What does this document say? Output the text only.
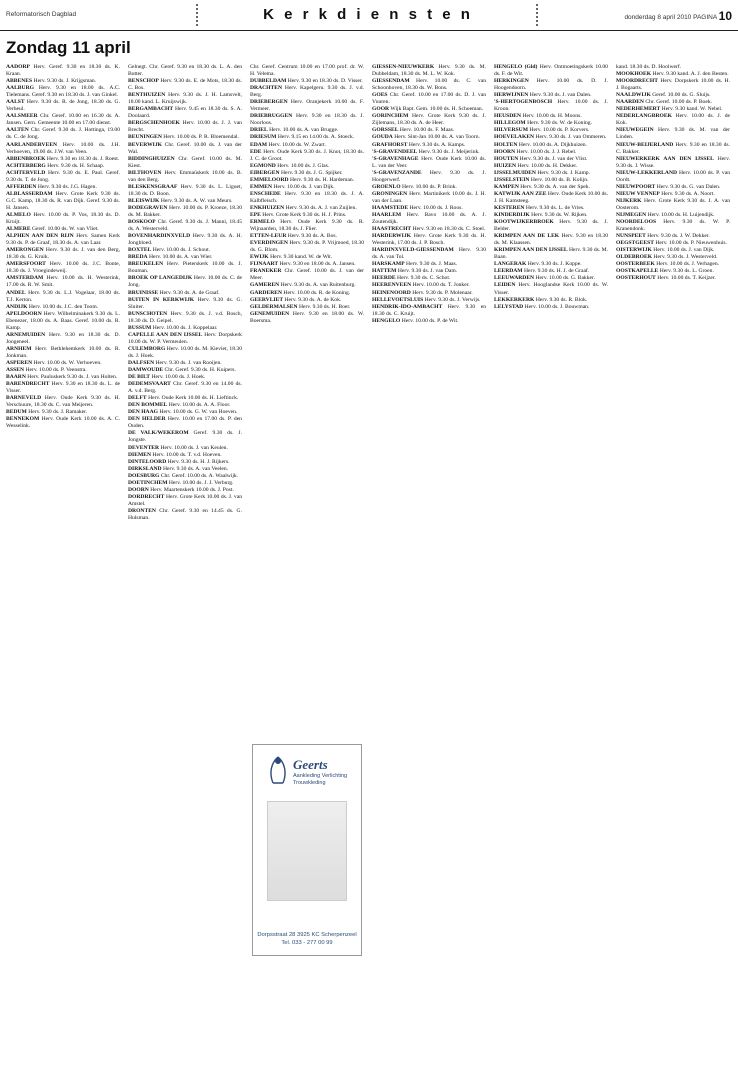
Reformatorisch Dagblad	K e r k d i e n s t e n	donderdag 8 april 2010 PAGINA 10
Zondag 11 april

AADORP Herv. Geref. 9.30 en 18.30 ds. K. Kraan.

ABBENES Herv. 9.30 ds. J. Krijgsman.

AALBURG Herv. 9.30 en 18.00 ds. A.C. Tielemans. Geref. 9.30 en 18.30 ds. J. van Ginkel.

AALST Herv. 9.30 ds. R. de Jong, 18.30 ds. G. Verheul.

AALSMEER Chr. Geref. 10.00 en 16.30 ds. A. Jansen. Gern. Gemeente 10.00 en 17.00 dienst.

AALTEN Chr. Geref. 9.30 ds. J. Hottinga, 19.00 ds. C. de Jong.

AARLANDERVEEN Herv. 10.00 ds. J.H. Verhoeven, 19.00 ds. J.W. van Veen.

ABBENBROEK Herv. 9.30 en 18.30 ds. J. Roest.

ACHTERBERG Herv. 9.30 ds. H. Schaap.

ACHTERVELD Herv. 9.30 ds. E. Paul. Geref. 9.30 ds. T. de Jong.

AFFERDEN Herv. 9.30 ds. J.G. Hagen.

ALBLASSERDAM Herv. Grote Kerk 9.30 ds. G.C. Kamp, 18.30 ds. R. van Dijk. Geref. 9.30 ds. H. Jansen.

ALMELO Herv. 10.00 ds. P. Vos, 18.30 ds. D. Kruijt.

ALMERE Geref. 10.00 ds. W. van Vliet.

ALPHEN AAN DEN RIJN Herv. Samen Kerk 9.30 ds. P. de Graaf, 18.30 ds. A. van Laar.

AMERONGEN Herv. 9.30 ds. J. van den Berg, 18.30 ds. G. Kruik.

AMERSFOORT Herv. 10.00 ds. J.C. Bonte, 18.30 ds. J. Vroegindeweij.

AMSTERDAM Herv. 10.00 ds. H. Westerink, 17.00 ds. R. W. Smit.

ANDEL Herv. 9.30 ds. L.J. Vogelaar, 18.00 ds. T.J. Kerton.

ANDIJK Herv. 10.00 ds. J.C. den Toom.

APELDOORN Herv. Wilhelminakerk 9.30 ds. L. Ebenezer, 18.00 ds. A. Baas. Geref. 10.00 ds. R. Kamp.

ARNEMUIDEN Herv. 9.30 en 18.30 ds. D. Jongeneel.

ARNHEM Herv. Bethlehemkerk 10.00 ds. R. Jonkman.

ASPEREN Herv. 10.00 ds. W. Verhoeven.

ASSEN Herv. 10.00 ds. P. Veenstra.

BAARN Herv. Pauluskerk 9.30 ds. J. van Holten.

BARENDRECHT Herv. 9.30 en 18.30 ds. L. de Visser.

BARNEVELD Herv. Oude Kerk 9.30 ds. H. Verschuure, 18.30 ds. C. van Meijeren.

BEDUM Herv. 9.30 ds. J. Ramaker.

BENNEKOM Herv. Oude Kerk 10.00 ds. A. C. Wesselink.

Gelnegt. Chr. Geref. 9.30 en 18.30 ds. L. A. den Butter.

BENSCHOP Herv. 9.30 ds. E. de Mots, 18.30 ds. C. Bos.

BENTHUIZEN Herv. 9.30 ds. J. H. Lamsvelt, 18.00 kand. L. Kruijswijk.

BERGAMBACHT Herv. 9.45 en 18.30 ds. S. A. Doolaard.

BERGSCHENHOEK Herv. 10.00 ds. J. J. van Brecht.

BEUNINGEN Herv. 10.00 ds. P. R. Bloemendal.

BEVERWIJK Chr. Geref. 10.00 ds. J. van der Wal.

BIDDINGHUIZEN Chr. Geref. 10.00 ds. M. Kiest.

BILTHOVEN Herv. Emmaüskerk 10.00 ds. B. van den Berg.

BLESKENSGRAAF Herv. 9.30 ds. L. Liguet, 18.30 ds. D. Boon.

BLEISWIJK Herv. 9.30 ds. A. W. van Meurs.

BODEGRAVEN Herv. 10.00 ds. P. Kroeze, 18.30 ds. M. Bakker.

BOSKOOP Chr. Geref. 9.30 ds. J. Manni, 18.45 ds. A. Westerveld.

BOVENHARDINXVELD Herv. 9.30 ds. A. H. Jongbloed.

BOXTEL Herv. 10.00 ds. J. Schout.

BREDA Herv. 10.00 ds. A. van Wier.

BREUKELEN Herv. Pieterskerk 10.00 ds. J. Bouman.

BROEK OP LANGEDIJK Herv. 10.00 ds. C. de Jong.

BRUINISSE Herv. 9.30 ds. A. de Graaf.

BUITEN IN KERKWIJK Herv. 9.30 ds. G. Sluiter.

BUNSCHOTEN Herv. 9.30 ds. J. v.d. Bosch, 18.30 ds. D. Geipel.

BUSSUM Herv. 10.00 ds. J. Koppelaar.

CAPELLE AAN DEN IJSSEL Herv. Dorpskerk 10.00 ds. W. P. Vermeulen.

CULEMBORG Herv. 10.00 ds. M. Kieviet, 18.30 ds. J. Hoek.

DALFSEN Herv. 9.30 ds. J. van Rooijen.

DAMWOUDE Chr. Geref. 9.30 ds. H. Kuipers.

DE BILT Herv. 10.00 ds. J. Hoek.

DEDEMSVAART Chr. Geref. 9.30 en 14.00 ds. A. v.d. Berg.

DELFT Herv. Oude Kerk 10.00 ds. H. Lieftinck.

DEN BOMMEL Herv. 10.00 ds. A. A. Floor.

DEN HAAG Herv. 10.00 ds. G. W. van Hoeven.

DEN HELDER Herv. 10.00 en 17.00 ds. P. den Ouden.

DE VALK/WEKEROM Geref. 9.30 ds. J. Jongste.

DEVENTER Herv. 10.00 ds. J. van Keulen.

DIEMEN Herv. 10.00 ds. T. v.d. Hoeven.

DINTELOORD Herv. 9.30 ds. H. J. Rijkers.

DIRKSLAND Herv. 9.30 ds. A. van Veelen.

DOESBURG Chr. Geref. 10.00 ds. A. Waalwijk.

DOETINCHEM Herv. 10.00 ds. J. J. Verburg.

DOORN Herv. Maartenskerk 10.00 ds. J. Post.

DORDRECHT Herv. Grote Kerk 10.00 ds. J. van Amstel.

DRONTEN Chr. Geref. 9.30 en 14.45 ds. G. Hulsman.

Chr. Geref. Centrum 10.00 en 17.00 prof. dr. W. H. Velema.

DUBBELDAM Herv. 9.30 en 18.30 ds. D. Visser.

DRACHTEN Herv. Kapelgeru. 9.30 ds. J. v.d. Berg.

DRIEBERGEN Herv. Oranjekerk 10.00 ds. F. Vermeer.

DRIEBRUGGEN Herv. 9.30 en 18.30 ds. J. Noorloos.

DRIEL Herv. 10.00 ds. A. van Brugge.

DRIESUM Herv. 9.15 en 14.00 ds. A. Stoeck.

EDAM Herv. 10.00 ds. W. Zwart.

EDE Herv. Oude Kerk 9.30 ds. J. Knot, 18.30 ds. J. C. de Groot.

EGMOND Herv. 10.00 ds. J. Glas.

EIBERGEN Herv. 9.30 ds. J. G. Spijker.

EMMELOORD Herv. 9.30 ds. H. Hardeman.

EMMEN Herv. 10.00 ds. J. van Dijk.

ENSCHEDE Herv. 9.30 en 18.30 ds. J. A. Kalbfleisch.

ENKHUIZEN Herv. 9.30 ds. A. J. van Zuijlen.

EPE Herv. Grote Kerk 9.30 ds. H. J. Prins.

ERMELO Herv. Oude Kerk 9.30 ds. R. Wijnaarden, 18.30 ds. J. Flier.

ETTEN-LEUR Herv. 9.30 ds. A. Bos.

EVERDINGEN Herv. 9.30 ds. P. Vrijmoed, 18.30 ds. G. Blom.

EWIJK Herv. 9.30 kand. W. de Wit.

FIJNAART Herv. 9.30 en 18.00 ds. A. Jansen.

FRANEKER Chr. Geref. 10.00 ds. J. van der Meer.

GAMEREN Herv. 9.30 ds. A. van Ruitenburg.

GARDEREN Herv. 10.00 ds. R. de Koning.

GEERVLIET Herv. 9.30 ds. A. de Kok.

GELDERMALSEN Herv. 9.30 ds. H. Boer.

GENEMUIDEN Herv. 9.30 en 18.00 ds. W. Boersma.

GIESSEN-NIEUWKERK Herv. 9.30 ds. M. Dubbeldam, 18.30 ds. M. L. W. Kok.

GIESSENDAM Herv. 10.00 ds. C. van Schoonhoven, 18.30 ds. W. Bons.

GOES Chr. Geref. 10.00 en 17.00 ds. D. J. van Vuuren.

GOOR Wijk Bapt. Gem. 10.00 ds. H. Schoeman.

GORINCHEM Herv. Grote Kerk 9.30 ds. J. Zijlemans, 18.30 ds. A. de Heer.

GORSSEL Herv. 10.00 ds. F. Maas.

GOUDA Herv. Sint-Jan 10.00 ds. A. van Toorn.

GRAFHORST Herv. 9.30 ds. A. Kamps.

'S-GRAVENDEEL Herv. 9.30 ds. J. Meijerink.

'S-GRAVENHAGE Herv. Oude Kerk 10.00 ds. L. van der Veer.

'S-GRAVENZANDE Herv. 9.30 ds. J. Hoogerwerf.

GROENLO Herv. 10.00 ds. P. Brink.

GRONINGEN Herv. Martinikerk 10.00 ds. J. H. van der Laan.

HAAMSTEDE Herv. 10.00 ds. J. Roos.

HAARLEM Herv. Bavo 10.00 ds. A. J. Zoutendijk.

HAASTRECHT Herv. 9.30 en 18.30 ds. C. Stoel.

HARDERWIJK Herv. Grote Kerk 9.30 ds. H. Westerink, 17.00 ds. J. P. Bosch.

HARDINXVELD-GIESSENDAM Herv. 9.30 ds. A. van Tol.

HARSKAMP Herv. 9.30 ds. J. Maas.

HATTEM Herv. 9.30 ds. J. van Dam.

HEERDE Herv. 9.30 ds. C. Schot.

HEERENVEEN Herv. 10.00 ds. T. Jonker.

HEINENOORD Herv. 9.30 ds. P. Molenaar.

HELLEVOETSLUIS Herv. 9.30 ds. J. Verwijs.

HENDRIK-IDO-AMBACHT Herv. 9.30 en 18.30 ds. C. Kruijt.

HENGELO Herv. 10.00 ds. P. de Wit.

HENGELO (Gld) Herv. Ontmoetingskerk 10.00 ds. F. de Wit.

HERKINGEN Herv. 10.00 ds. D. J. Hoogendoorn.

HERWIJNEN Herv. 9.30 ds. J. van Dalen.

'S-HERTOGENBOSCH Herv. 10.00 ds. J. Kroon.

HEUSDEN Herv. 10.00 ds. H. Moons.

HILLEGOM Herv. 9.30 ds. W. de Koning.

HILVERSUM Herv. 10.00 ds. P. Korvers.

HOEVELAKEN Herv. 9.30 ds. J. van Ommeren.

HOLTEN Herv. 10.00 ds. A. Dijkhuizen.

HOORN Herv. 10.00 ds. J. J. Rebel.

HOUTEN Herv. 9.30 ds. J. van der Vlist.

HUIZEN Herv. 10.00 ds. H. Dekker.

IJSSELMUIDEN Herv. 9.30 ds. J. Kamp.

IJSSELSTEIN Herv. 10.00 ds. B. Kolijn.

KAMPEN Herv. 9.30 ds. A. van der Spek.

KATWIJK AAN ZEE Herv. Oude Kerk 10.00 ds. J. H. Kamsteeg.

KESTEREN Herv. 9.30 ds. L. de Vries.

KINDERDIJK Herv. 9.30 ds. W. Rijken.

KOOTWIJKERBROEK Herv. 9.30 ds. J. Belder.

KRIMPEN AAN DE LEK Herv. 9.30 en 18.30 ds. M. Klaassen.

KRIMPEN AAN DEN IJSSEL Herv. 9.30 ds. M. Baan.

LANGERAK Herv. 9.30 ds. J. Koppe.

LEERDAM Herv. 9.30 ds. H. J. de Graaf.

LEEUWARDEN Herv. 10.00 ds. G. Bakker.

LEIDEN Herv. Hooglandse Kerk 10.00 ds. W. Visser.

LEKKERKERK Herv. 9.30 ds. R. Blok.

LELYSTAD Herv. 10.00 ds. J. Bouwman.

kand. 18.30 ds. D. Hoolwerf.

MOOKHOEK Herv. 9.30 kand. A. J. den Besten.

MOORDRECHT Herv. Dorpskerk 10.00 ds. H. J. Bogaarts.

NAALDWIJK Geref. 10.00 ds. G. Sluijs.

NAARDEN Chr. Geref. 10.00 ds. P. Boek.

NEDERHEMERT Herv. 9.30 kand. W. Nebel.

NEDERLANGBROEK Herv. 10.00 ds. J. de Kok.

NIEUWEGEIN Herv. 9.30 ds. M. van der Linden.

NIEUW-BEIJERLAND Herv. 9.30 en 18.30 ds. C. Bakker.

NIEUWERKERK AAN DEN IJSSEL Herv. 9.30 ds. J. Wisse.

NIEUW-LEKKERLAND Herv. 10.00 ds. P. van Oordt.

NIEUWPOORT Herv. 9.30 ds. G. van Dalen.

NIEUW VENNEP Herv. 9.30 ds. A. Noort.

NIJKERK Herv. Grote Kerk 9.30 ds. J. A. van Oosterom.

NIJMEGEN Herv. 10.00 ds. H. Luijendijk.

NOORDELOOS Herv. 9.30 ds. W. P. Kranendonk.

NUNSPEET Herv. 9.30 ds. J. W. Dekker.

OEGSTGEEST Herv. 10.00 ds. P. Nieuwenhuis.

OISTERWIJK Herv. 10.00 ds. J. van Dijk.

OLDEBROEK Herv. 9.30 ds. J. Westerveld.

OOSTERBEEK Herv. 10.00 ds. J. Verhagen.

OOSTKAPELLE Herv. 9.30 ds. L. Groen.

OOSTERHOUT Herv. 10.00 ds. T. Keijzer.

Geerts
Aankleding Verlichting Trouwkleding
Dorpsstraat 28 3925 KC Scherpenzeel Tel. 033 - 277 00 99
